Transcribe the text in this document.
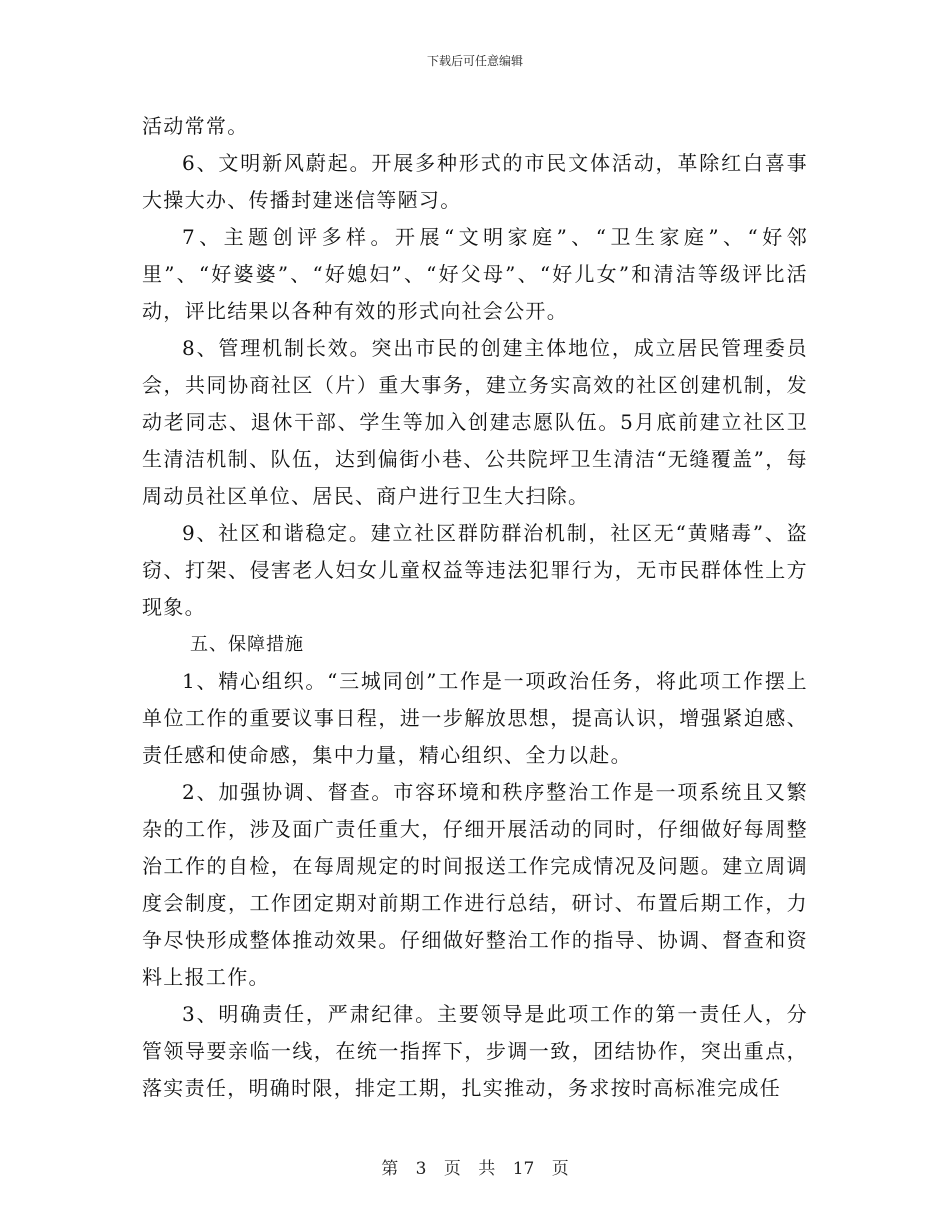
下载后可任意编辑

活动常常。

6、文明新风蔚起。开展多种形式的市民文体活动，革除红白喜事大操大办、传播封建迷信等陋习。

7、主题创评多样。开展“文明家庭”、“卫生家庭”、“好邻里”、“好婆婆”、“好媳妇”、“好父母”、“好儿女”和清洁等级评比活动，评比结果以各种有效的形式向社会公开。

8、管理机制长效。突出市民的创建主体地位，成立居民管理委员会，共同协商社区（片）重大事务，建立务实高效的社区创建机制，发动老同志、退休干部、学生等加入创建志愿队伍。5月底前建立社区卫生清洁机制、队伍，达到偏街小巷、公共院坪卫生清洁“无缝覆盖”，每周动员社区单位、居民、商户进行卫生大扫除。

9、社区和谐稳定。建立社区群防群治机制，社区无“黄赌毒”、盗窃、打架、侵害老人妇女儿童权益等违法犯罪行为，无市民群体性上方现象。

五、保障措施

1、精心组织。“三城同创”工作是一项政治任务，将此项工作摆上单位工作的重要议事日程，进一步解放思想，提高认识，增强紧迫感、责任感和使命感，集中力量，精心组织、全力以赴。

2、加强协调、督查。市容环境和秩序整治工作是一项系统且又繁杂的工作，涉及面广责任重大，仔细开展活动的同时，仔细做好每周整治工作的自检，在每周规定的时间报送工作完成情况及问题。建立周调度会制度，工作团定期对前期工作进行总结，研讨、布置后期工作，力争尽快形成整体推动效果。仔细做好整治工作的指导、协调、督查和资料上报工作。

3、明确责任，严肃纪律。主要领导是此项工作的第一责任人，分管领导要亲临一线，在统一指挥下，步调一致，团结协作，突出重点，落实责任，明确时限，排定工期，扎实推动，务求按时高标准完成任

第 3 页 共 17 页
